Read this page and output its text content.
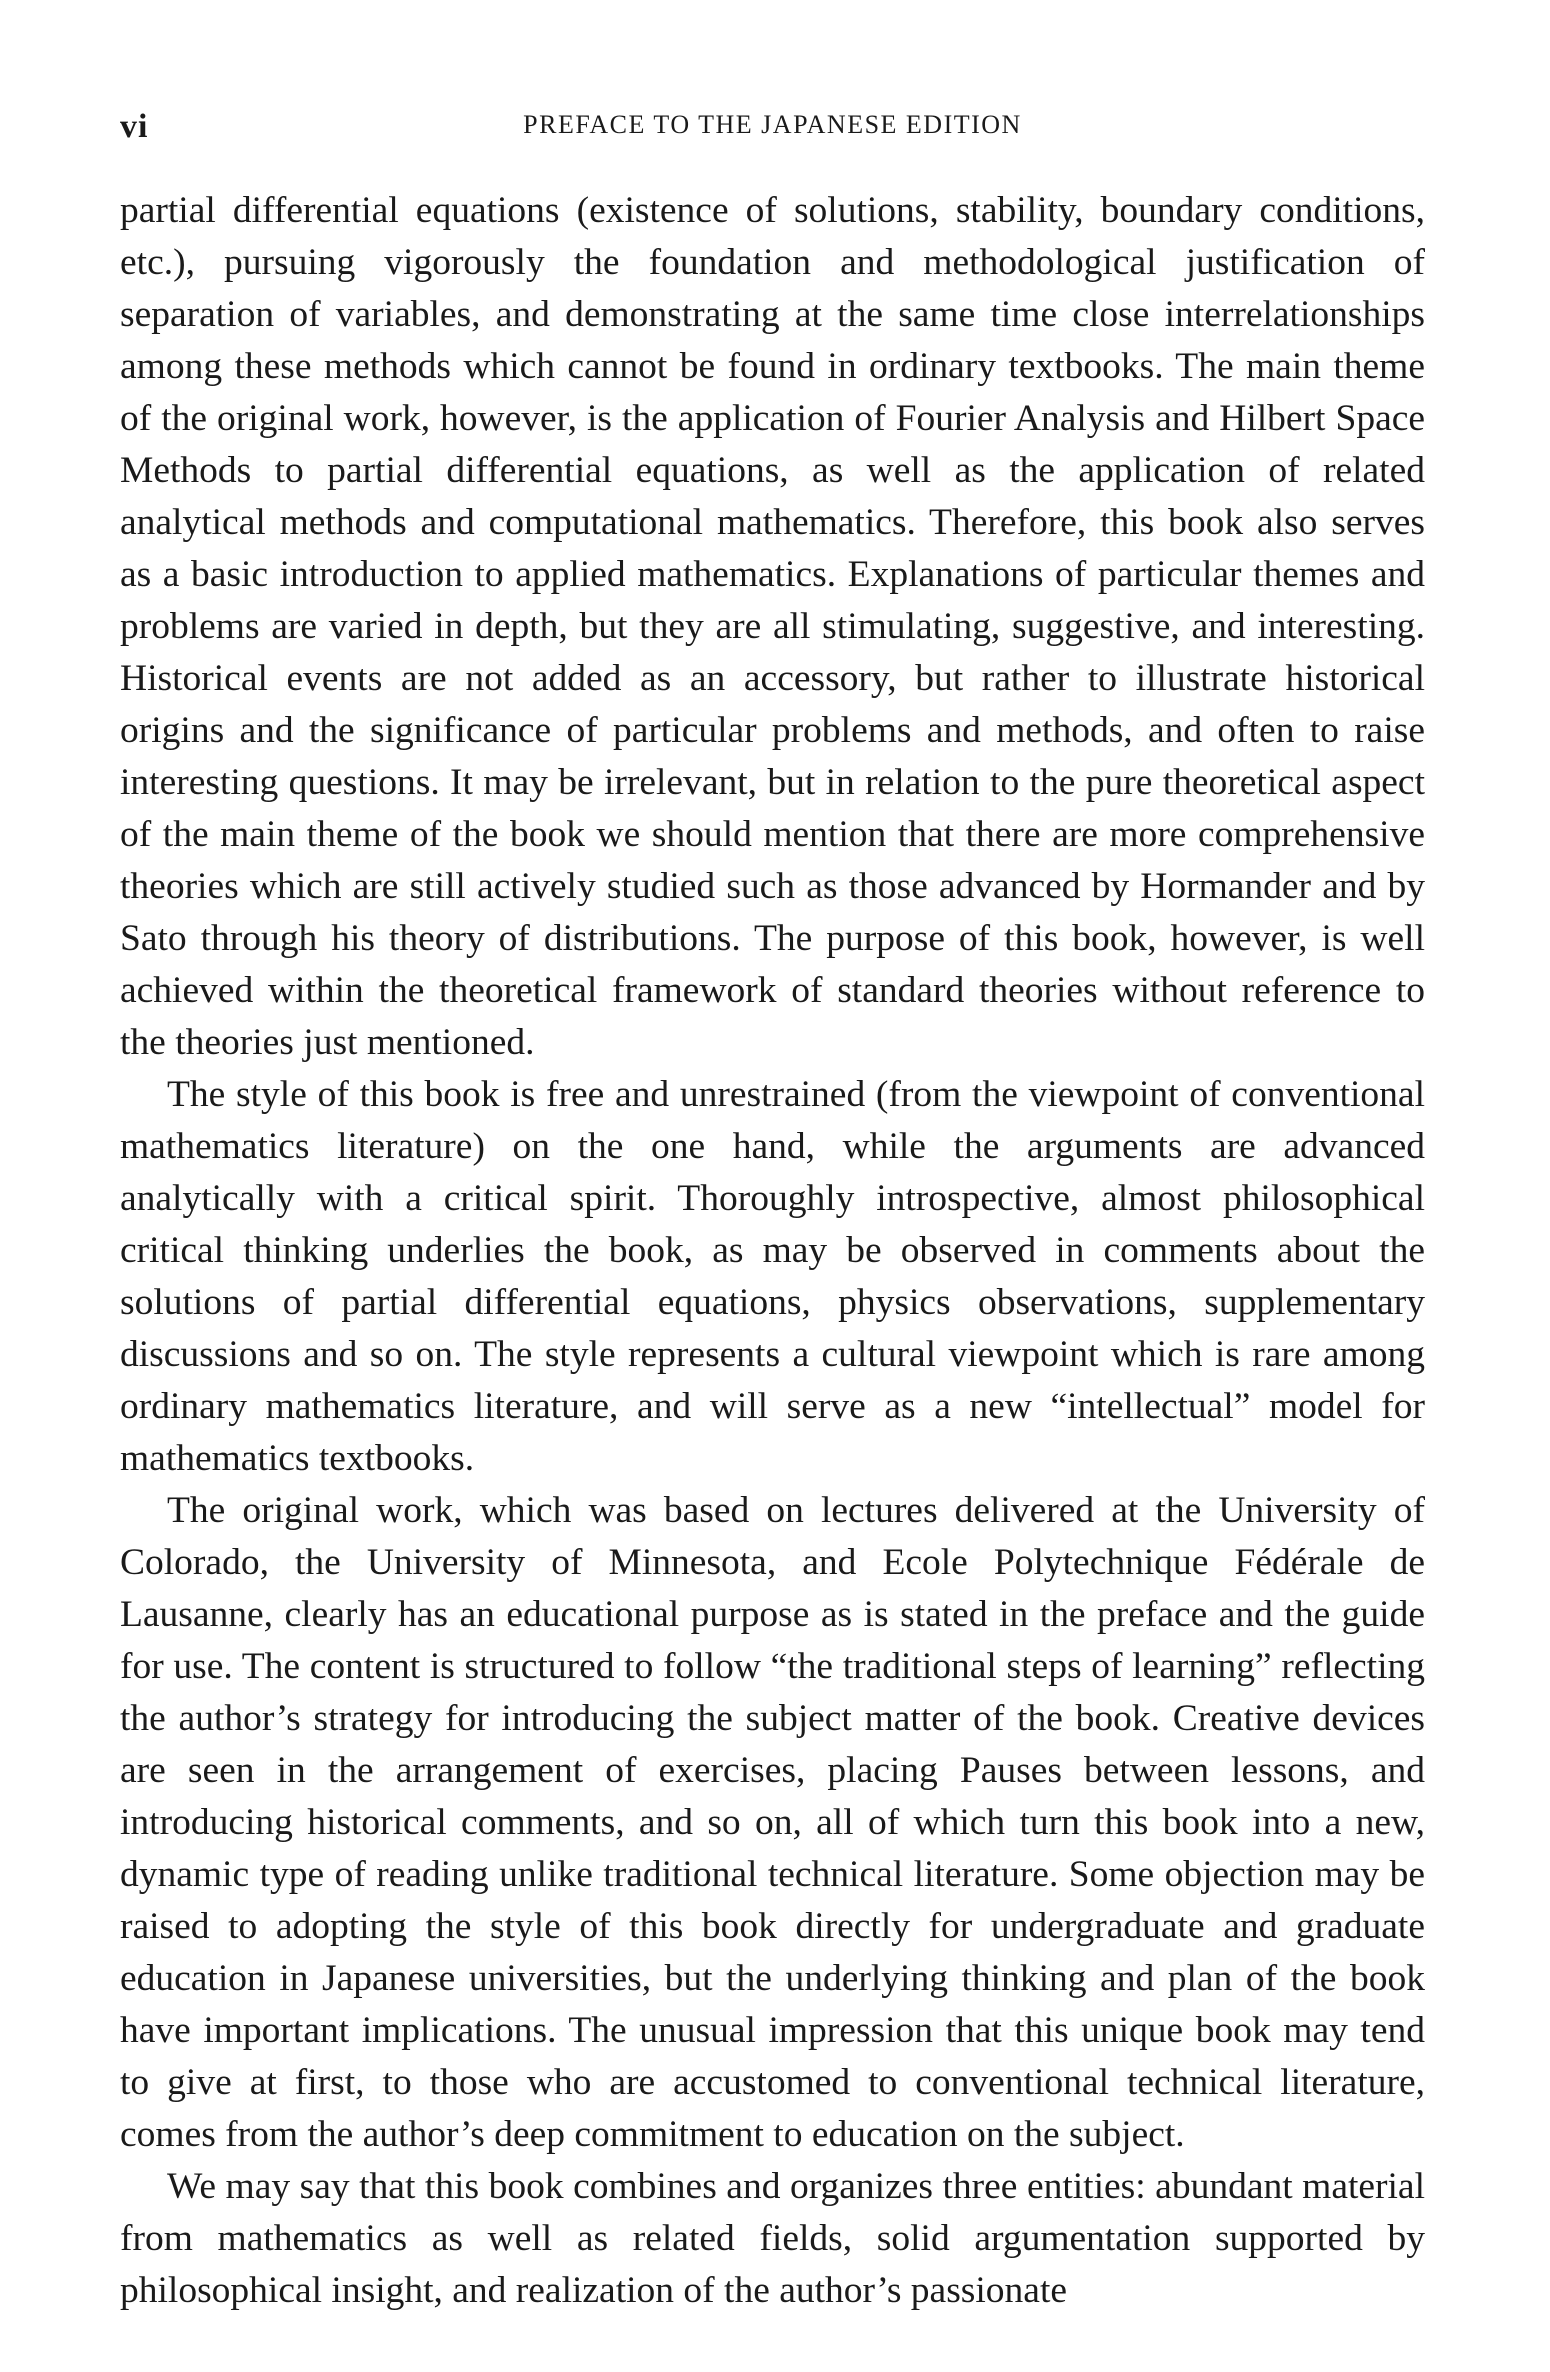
vi	PREFACE TO THE JAPANESE EDITION

partial differential equations (existence of solutions, stability, boundary conditions, etc.), pursuing vigorously the foundation and methodological justification of separation of variables, and demonstrating at the same time close interrelationships among these methods which cannot be found in ordinary textbooks. The main theme of the original work, however, is the application of Fourier Analysis and Hilbert Space Methods to partial differential equations, as well as the application of related analytical methods and computational mathematics. Therefore, this book also serves as a basic introduction to applied mathematics. Explanations of particular themes and problems are varied in depth, but they are all stimulating, suggestive, and interesting. Historical events are not added as an accessory, but rather to illustrate historical origins and the significance of particular problems and methods, and often to raise interesting questions. It may be irrelevant, but in relation to the pure theoretical aspect of the main theme of the book we should mention that there are more comprehensive theories which are still actively studied such as those advanced by Hormander and by Sato through his theory of distributions. The purpose of this book, however, is well achieved within the theoretical framework of standard theories without reference to the theories just mentioned.

The style of this book is free and unrestrained (from the viewpoint of conventional mathematics literature) on the one hand, while the arguments are advanced analytically with a critical spirit. Thoroughly introspective, almost philosophical critical thinking underlies the book, as may be observed in comments about the solutions of partial differential equations, physics observations, supplementary discussions and so on. The style represents a cultural viewpoint which is rare among ordinary mathematics literature, and will serve as a new “intellectual” model for mathematics textbooks.

The original work, which was based on lectures delivered at the University of Colorado, the University of Minnesota, and Ecole Polytechnique Fédérale de Lausanne, clearly has an educational purpose as is stated in the preface and the guide for use. The content is structured to follow “the traditional steps of learning” reflecting the author’s strategy for introducing the subject matter of the book. Creative devices are seen in the arrangement of exercises, placing Pauses between lessons, and introducing historical comments, and so on, all of which turn this book into a new, dynamic type of reading unlike traditional technical literature. Some objection may be raised to adopting the style of this book directly for undergraduate and graduate education in Japanese universities, but the underlying thinking and plan of the book have important implications. The unusual impression that this unique book may tend to give at first, to those who are accustomed to conventional technical literature, comes from the author’s deep commitment to education on the subject.

We may say that this book combines and organizes three entities: abundant material from mathematics as well as related fields, solid argumentation supported by philosophical insight, and realization of the author’s passionate
